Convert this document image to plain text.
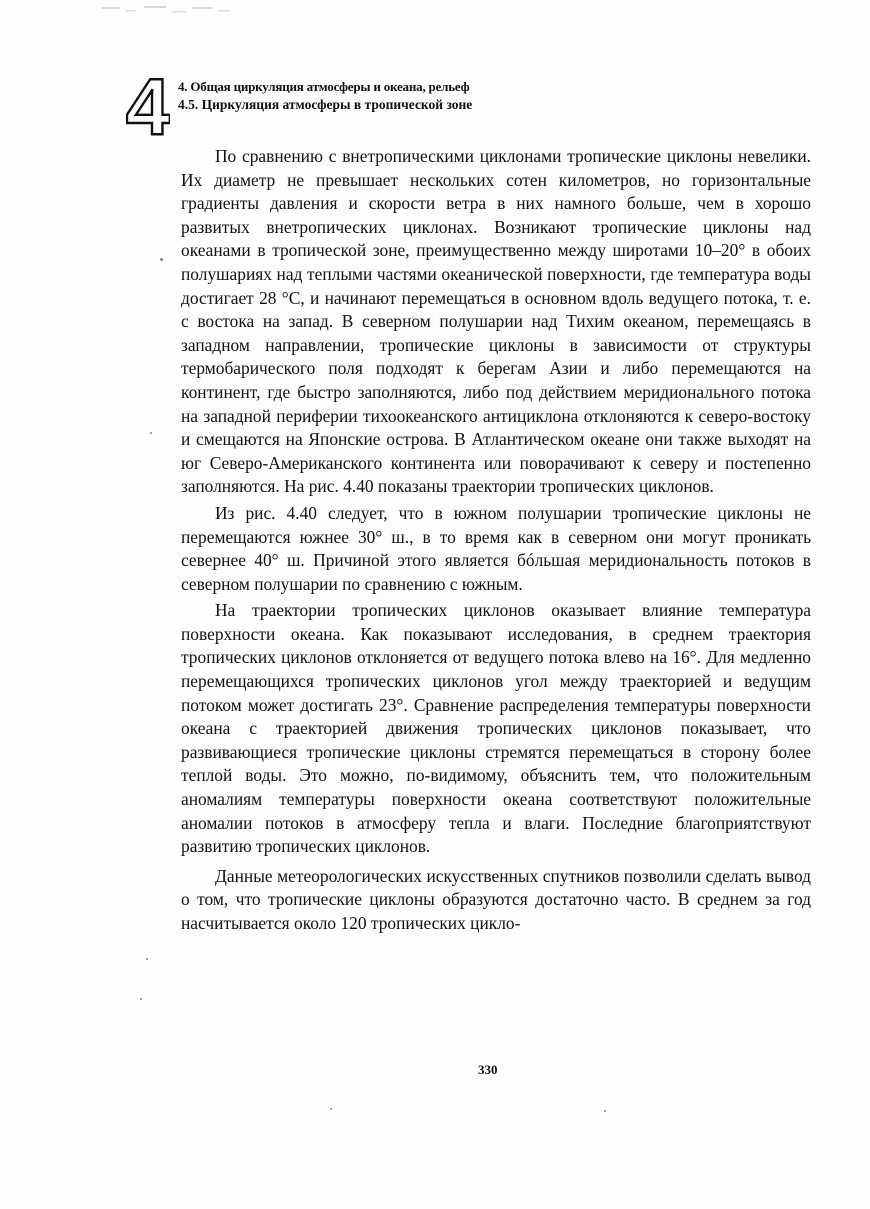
4 4. Общая циркуляция атмосферы и океана, рельеф
4.5. Циркуляция атмосферы в тропической зоне

По сравнению с внетропическими циклонами тропические циклоны невелики. Их диаметр не превышает нескольких сотен километров, но горизонтальные градиенты давления и скорости ветра в них намного больше, чем в хорошо развитых внетропических циклонах. Возникают тропические циклоны над океанами в тропической зоне, преимущественно между широтами 10–20° в обоих полушариях над теплыми частями океанической поверхности, где температура воды достигает 28 °С, и начинают перемещаться в основном вдоль ведущего потока, т. е. с востока на запад. В северном полушарии над Тихим океаном, перемещаясь в западном направлении, тропические циклоны в зависимости от структуры термобарического поля подходят к берегам Азии и либо перемещаются на континент, где быстро заполняются, либо под действием меридионального потока на западной периферии тихоокеанского антициклона отклоняются к северо-востоку и смещаются на Японские острова. В Атлантическом океане они также выходят на юг Северо-Американского континента или поворачивают к северу и постепенно заполняются. На рис. 4.40 показаны траектории тропических циклонов.

Из рис. 4.40 следует, что в южном полушарии тропические циклоны не перемещаются южнее 30° ш., в то время как в северном они могут проникать севернее 40° ш. Причиной этого является бóльшая меридиональность потоков в северном полушарии по сравнению с южным.

На траектории тропических циклонов оказывает влияние температура поверхности океана. Как показывают исследования, в среднем траектория тропических циклонов отклоняется от ведущего потока влево на 16°. Для медленно перемещающихся тропических циклонов угол между траекторией и ведущим потоком может достигать 23°. Сравнение распределения температуры поверхности океана с траекторией движения тропических циклонов показывает, что развивающиеся тропические циклоны стремятся перемещаться в сторону более теплой воды. Это можно, по-видимому, объяснить тем, что положительным аномалиям температуры поверхности океана соответствуют положительные аномалии потоков в атмосферу тепла и влаги. Последние благоприятствуют развитию тропических циклонов.

Данные метеорологических искусственных спутников позволили сделать вывод о том, что тропические циклоны образуются достаточно часто. В среднем за год насчитывается около 120 тропических цикло-

330
